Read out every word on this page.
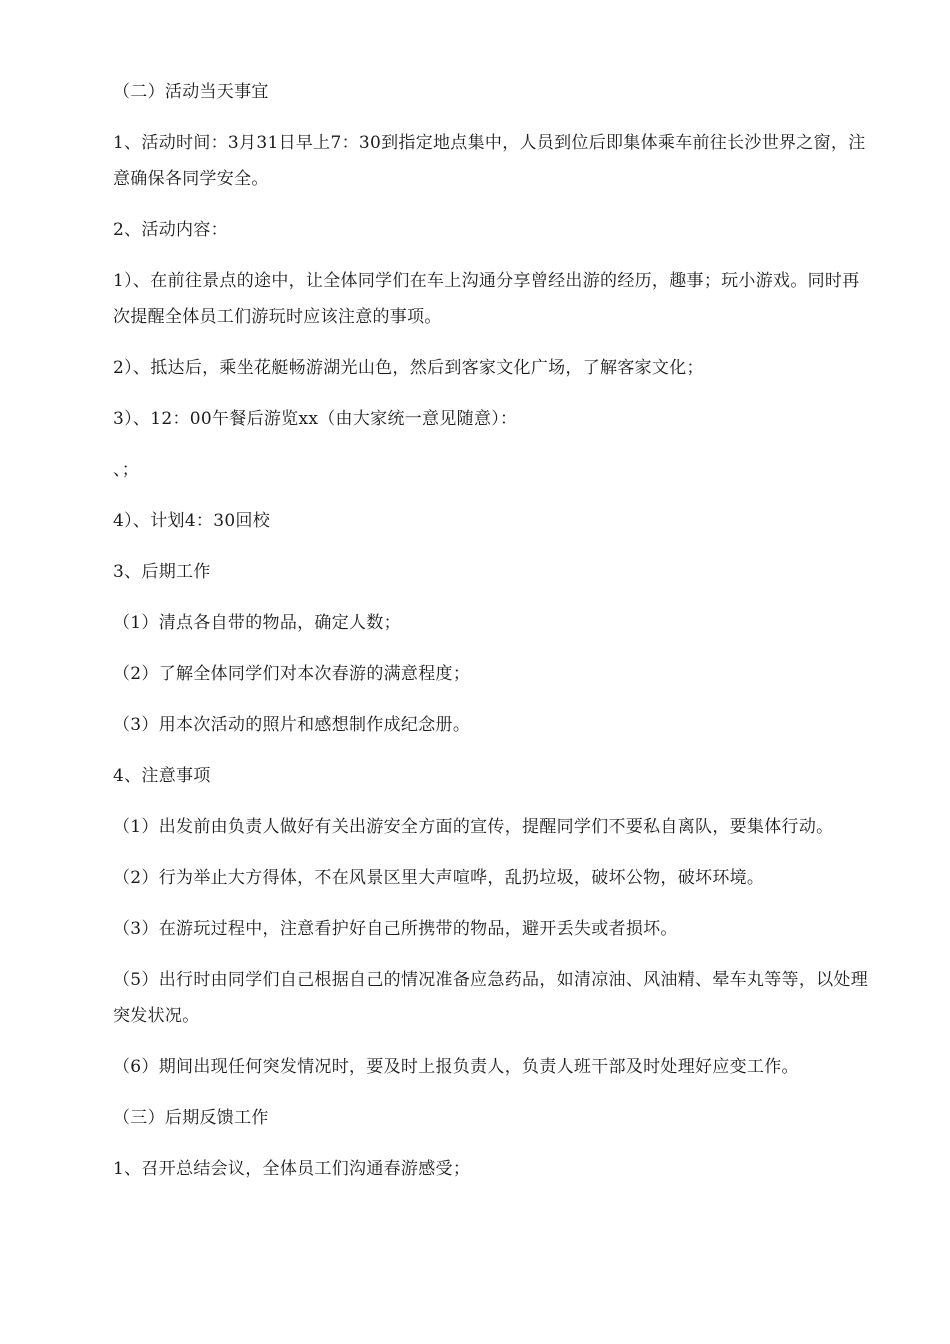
（二）活动当天事宜

1、活动时间：3月31日早上7：30到指定地点集中，人员到位后即集体乘车前往长沙世界之窗，注意确保各同学安全。

2、活动内容：

1）、在前往景点的途中，让全体同学们在车上沟通分享曾经出游的经历，趣事；玩小游戏。同时再次提醒全体员工们游玩时应该注意的事项。

2）、抵达后，乘坐花艇畅游湖光山色，然后到客家文化广场，了解客家文化；

3）、12：00午餐后游览xx（由大家统一意见随意）：

、；

4）、计划4：30回校

3、后期工作

（1）清点各自带的物品，确定人数；

（2）了解全体同学们对本次春游的满意程度；

（3）用本次活动的照片和感想制作成纪念册。

4、注意事项

（1）出发前由负责人做好有关出游安全方面的宣传，提醒同学们不要私自离队，要集体行动。

（2）行为举止大方得体，不在风景区里大声喧哗，乱扔垃圾，破坏公物，破坏环境。

（3）在游玩过程中，注意看护好自己所携带的物品，避开丢失或者损坏。

（5）出行时由同学们自己根据自己的情况准备应急药品，如清凉油、风油精、晕车丸等等，以处理突发状况。

（6）期间出现任何突发情况时，要及时上报负责人，负责人班干部及时处理好应变工作。

（三）后期反馈工作

1、召开总结会议，全体员工们沟通春游感受；
